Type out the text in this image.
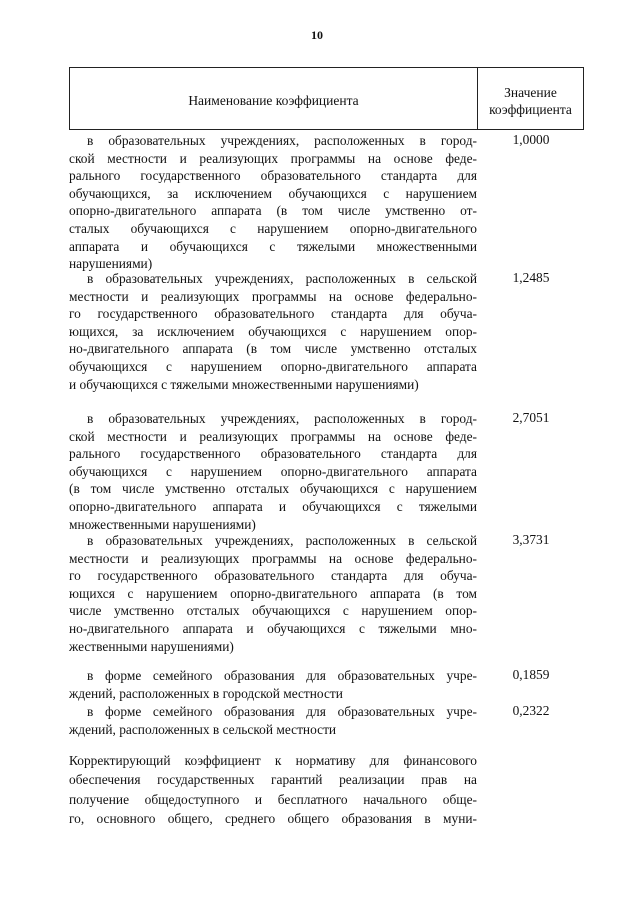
10
Наименование коэффициента
Значение
коэффициента
в образовательных учреждениях, расположенных в город-
ской местности и реализующих программы на основе феде-
рального государственного образовательного стандарта для
обучающихся, за исключением обучающихся с нарушением
опорно-двигательного аппарата (в том числе умственно от-
сталых обучающихся с нарушением опорно-двигательного
аппарата и обучающихся с тяжелыми множественными
нарушениями)
1,0000
в образовательных учреждениях, расположенных в сельской
местности и реализующих программы на основе федерально-
го государственного образовательного стандарта для обуча-
ющихся, за исключением обучающихся с нарушением опор-
но-двигательного аппарата (в том числе умственно отсталых
обучающихся с нарушением опорно-двигательного аппарата
и обучающихся с тяжелыми множественными нарушениями)
1,2485
в образовательных учреждениях, расположенных в город-
ской местности и реализующих программы на основе феде-
рального государственного образовательного стандарта для
обучающихся с нарушением опорно-двигательного аппарата
(в том числе умственно отсталых обучающихся с нарушением
опорно-двигательного аппарата и обучающихся с тяжелыми
множественными нарушениями)
2,7051
в образовательных учреждениях, расположенных в сельской
местности и реализующих программы на основе федерально-
го государственного образовательного стандарта для обуча-
ющихся с нарушением опорно-двигательного аппарата (в том
числе умственно отсталых обучающихся с нарушением опор-
но-двигательного аппарата и обучающихся с тяжелыми мно-
жественными нарушениями)
3,3731
в форме семейного образования для образовательных учре-
ждений, расположенных в городской местности
0,1859
в форме семейного образования для образовательных учре-
ждений, расположенных в сельской местности
0,2322
Корректирующий коэффициент к нормативу для финансового
обеспечения государственных гарантий реализации прав на
получение общедоступного и бесплатного начального обще-
го, основного общего, среднего общего образования в муни-
